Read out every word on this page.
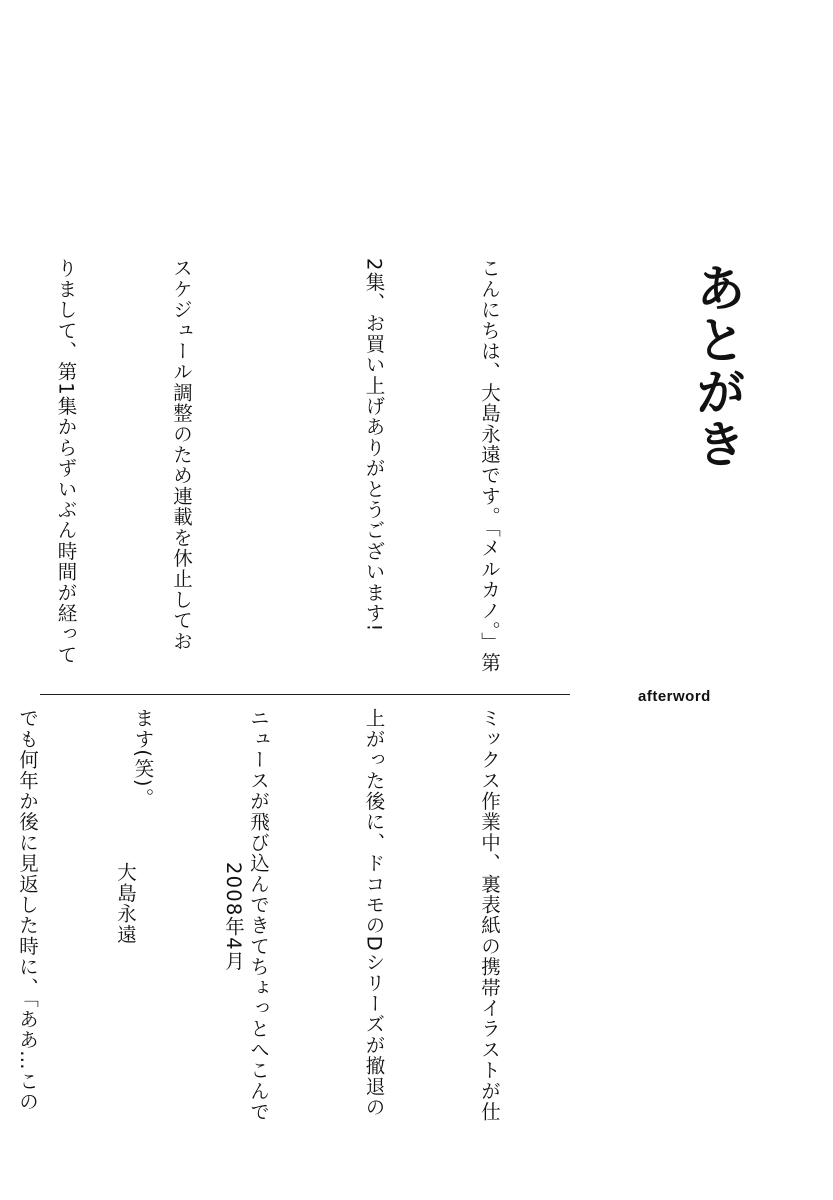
あとがき
afterword

こんにちは、大島永遠です。「メルカノ。」第

2集、お買い上げありがとうございます!

スケジュール調整のため連載を休止してお

りまして、第1集からずいぶん時間が経って

ミックス作業中、裏表紙の携帯イラストが仕

上がった後に、ドコモのDシリーズが撤退の

ニュースが飛び込んできてちょっとへこんで

ます(笑)。

でも何年か後に見返した時に、「ああ…この

	2008年4月

大島永遠
